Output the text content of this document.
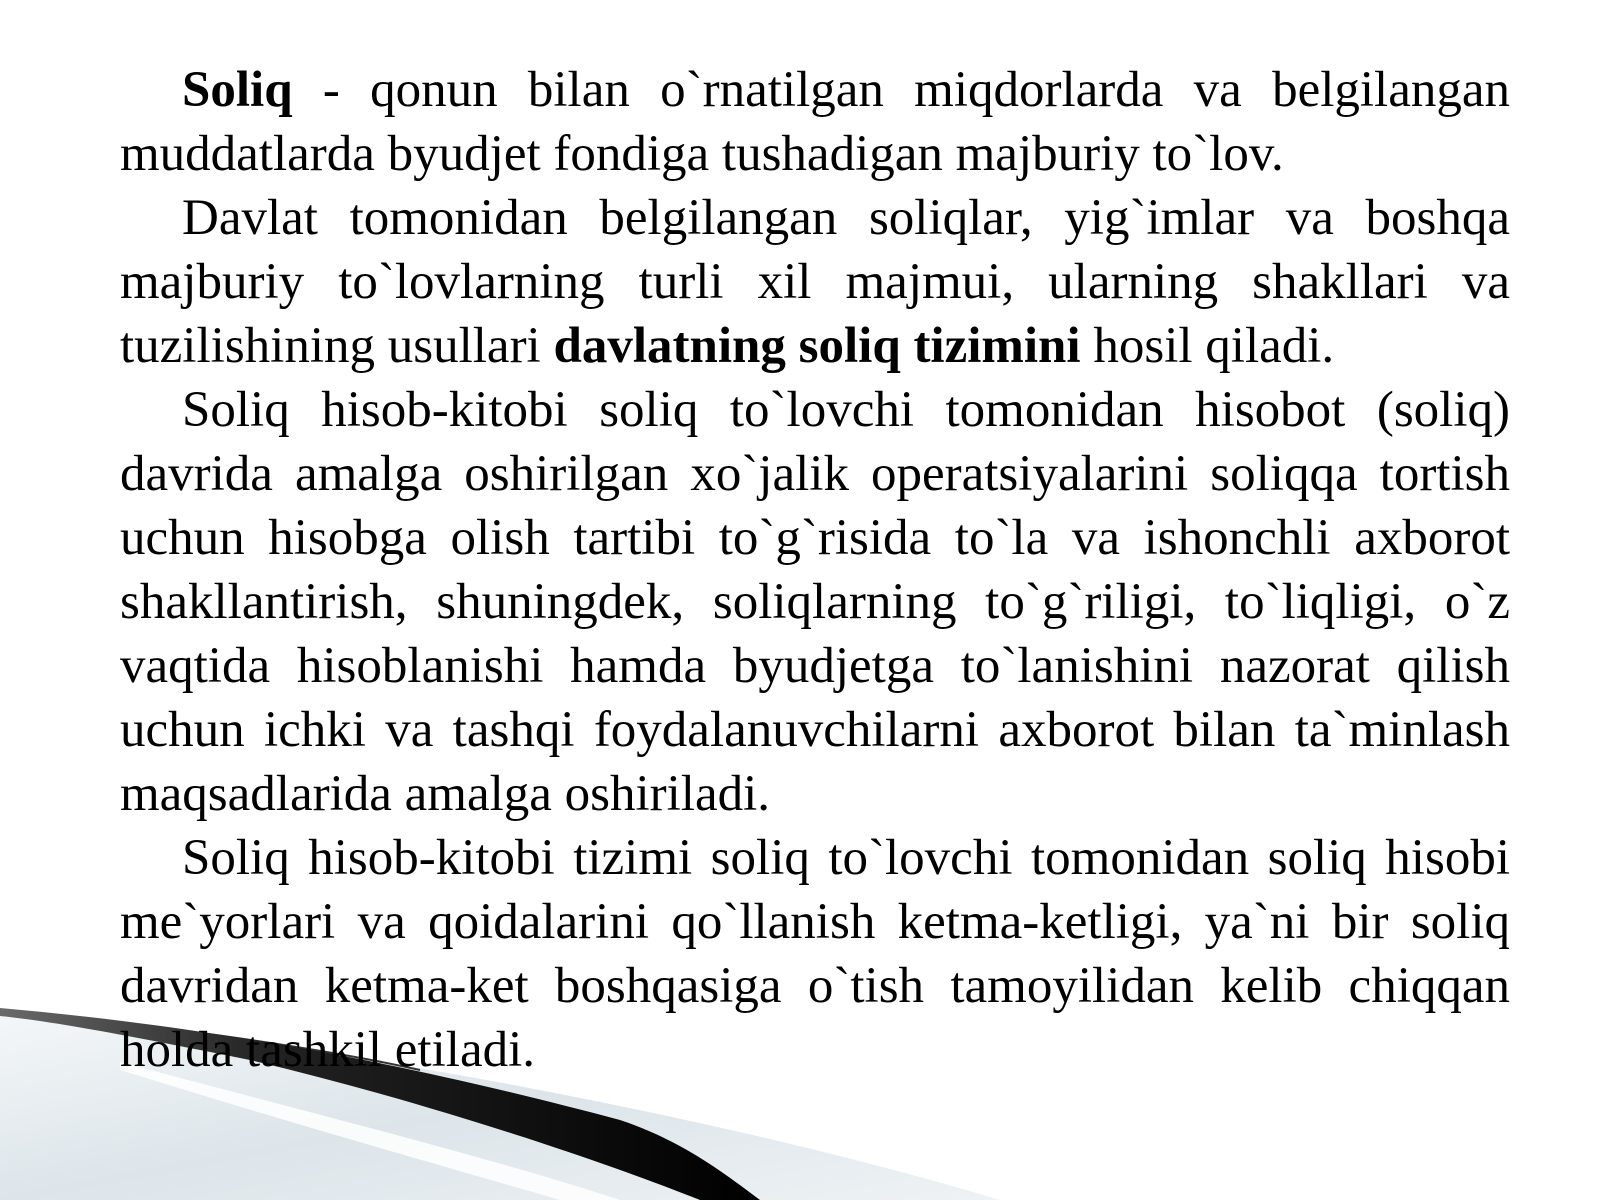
Soliq - qonun bilan o`rnatilgan miqdorlarda va belgilangan muddatlarda byudjet fondiga tushadigan majburiy to`lov.

Davlat tomonidan belgilangan soliqlar, yig`imlar va boshqa majburiy to`lovlarning turli xil majmui, ularning shakllari va tuzilishining usullari davlatning soliq tizimini hosil qiladi.

Soliq hisob-kitobi soliq to`lovchi tomonidan hisobot (soliq) davrida amalga oshirilgan xo`jalik operatsiyalarini soliqqa tortish uchun hisobga olish tartibi to`g`risida to`la va ishonchli axborot shakllantirish, shuningdek, soliqlarning to`g`riligi, to`liqligi, o`z vaqtida hisoblanishi hamda byudjetga to`lanishini nazorat qilish uchun ichki va tashqi foydalanuvchilarni axborot bilan ta`minlash maqsadlarida amalga oshiriladi.

Soliq hisob-kitobi tizimi soliq to`lovchi tomonidan soliq hisobi me`yorlari va qoidalarini qo`llanish ketma-ketligi, ya`ni bir soliq davridan ketma-ket boshqasiga o`tish tamoyilidan kelib chiqqan holda tashkil etiladi.
